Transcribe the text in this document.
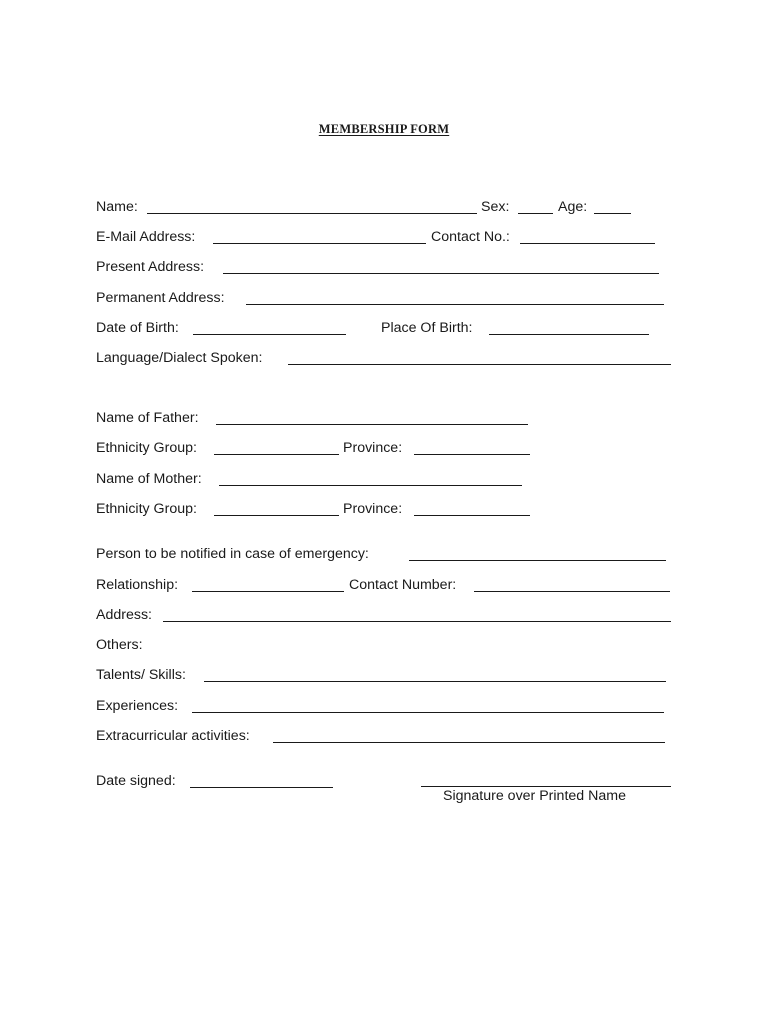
MEMBERSHIP FORM
Name:	Sex:	Age:
E-Mail Address:	Contact No.:
Present Address:
Permanent Address:
Date of Birth:	Place Of Birth:
Language/Dialect Spoken:
Name of Father:
Ethnicity Group:	Province:
Name of Mother:
Ethnicity Group:	Province:
Person to be notified in case of emergency:
Relationship:	Contact Number:
Address:
Others:
Talents/ Skills:
Experiences:
Extracurricular activities:
Date signed:
Signature over Printed Name
